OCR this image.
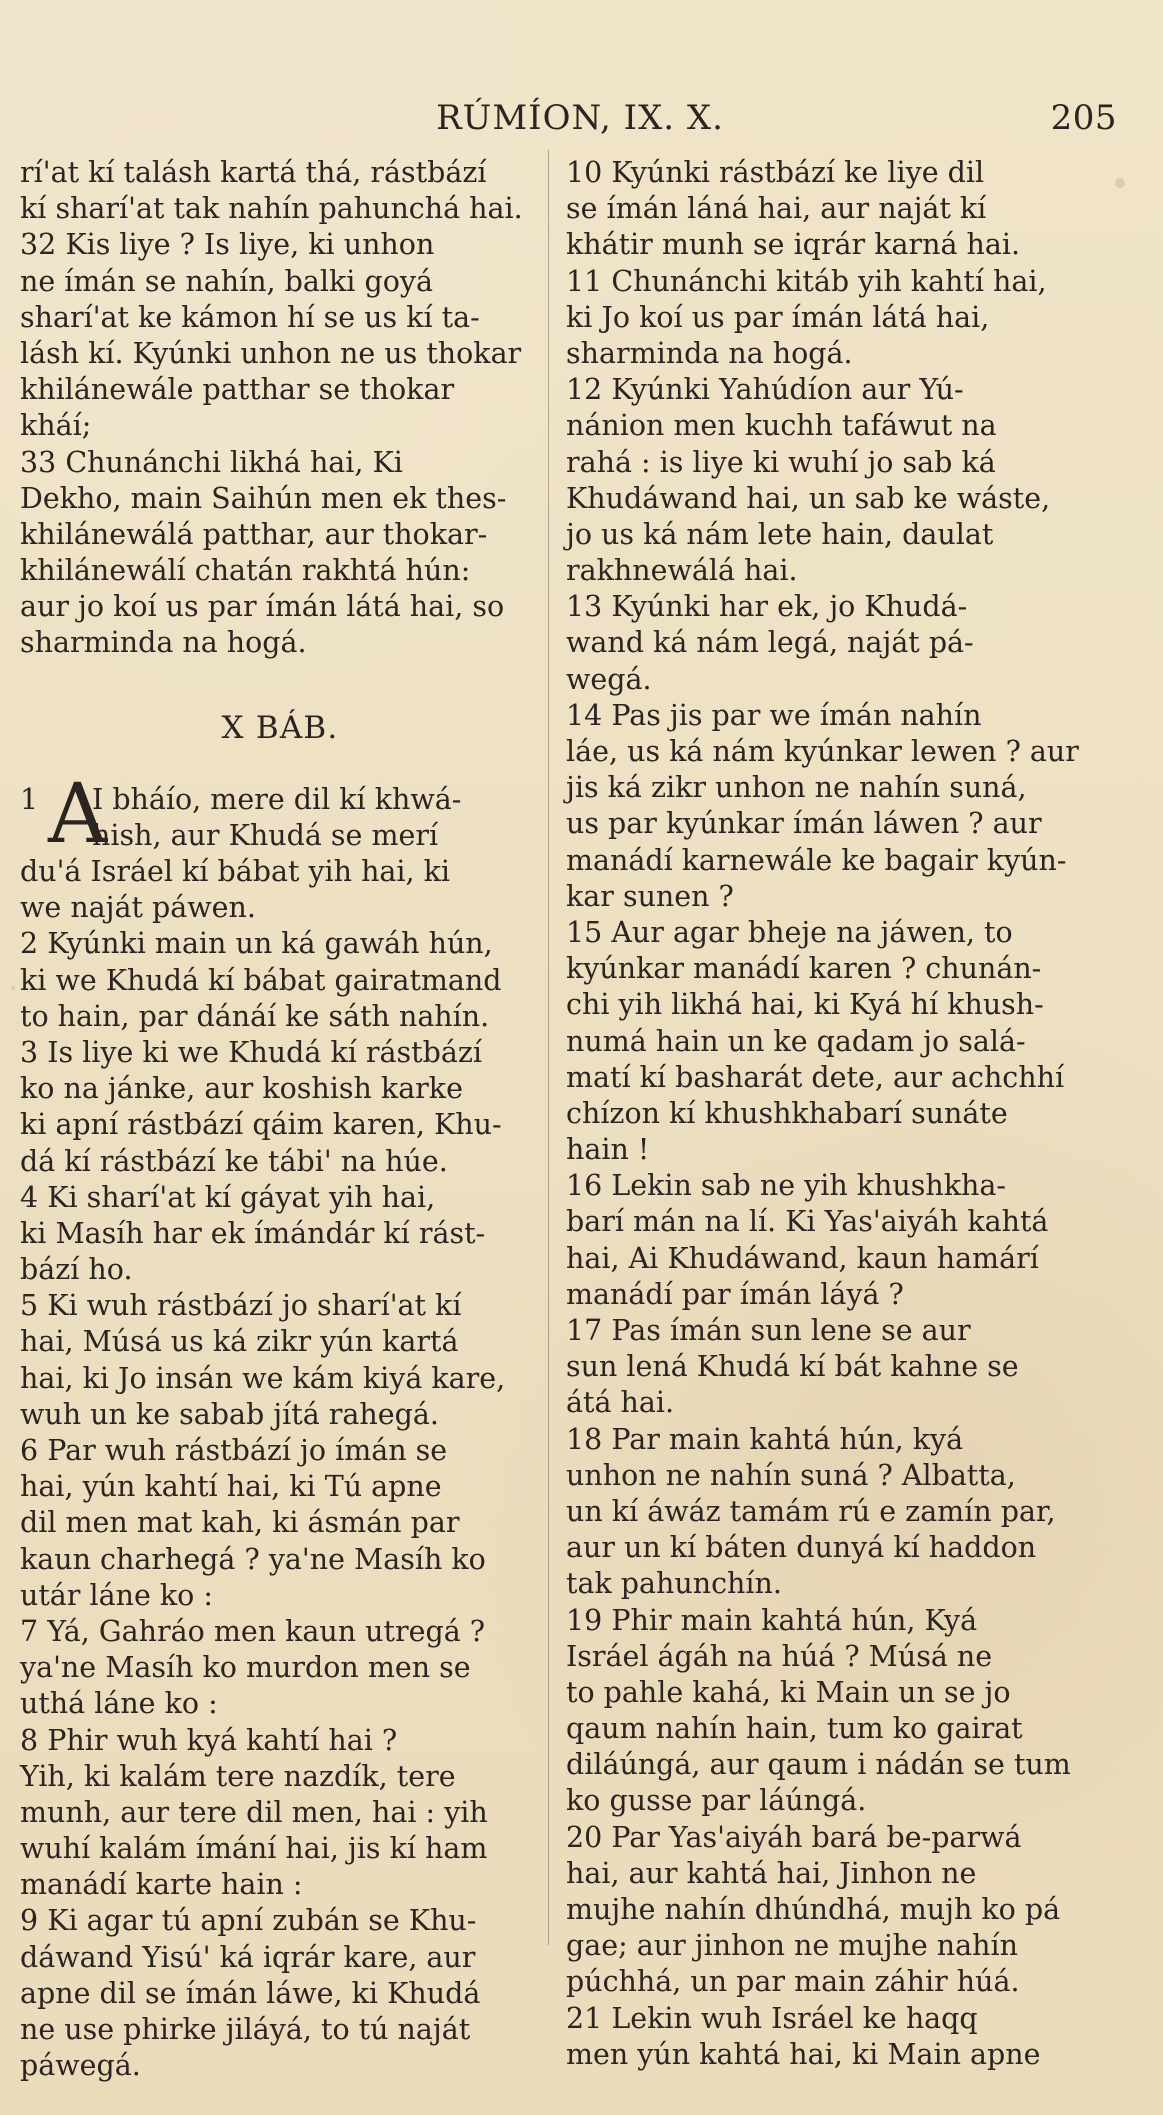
RÚMÍON, IX. X.	205
rí'at kí talásh kartá thá, rástbází
kí sharí'at tak nahín pahunchá hai.
32 Kis liye ? Is liye, ki unhon
ne ímán se nahín, balki goyá
sharí'at ke kámon hí se us kí ta-
lásh kí. Kyúnki unhon ne us thokar
khilánewále patthar se thokar
kháí;
33 Chunánchi likhá hai, Ki
Dekho, main Saihún men ek thes-
khilánewálá patthar, aur thokar-
khilánewálí chatán rakhtá hún:
aur jo koí us par ímán látá hai, so
sharminda na hogá.
X BÁB.
1 A
I bháío, mere dil kí khwá-
hish, aur Khudá se merí
du'á Isráel kí bábat yih hai, ki
we naját páwen.
2 Kyúnki main un ká gawáh hún,
ki we Khudá kí bábat gairatmand
to hain, par dánáí ke sáth nahín.
3 Is liye ki we Khudá kí rástbází
ko na jánke, aur koshish karke
ki apní rástbází qáim karen, Khu-
dá kí rástbází ke tábi' na húe.
4 Ki sharí'at kí gáyat yih hai,
ki Masíh har ek ímándár kí rást-
bází ho.
5 Ki wuh rástbází jo sharí'at kí
hai, Músá us ká zikr yún kartá
hai, ki Jo insán we kám kiyá kare,
wuh un ke sabab jítá rahegá.
6 Par wuh rástbází jo ímán se
hai, yún kahtí hai, ki Tú apne
dil men mat kah, ki ásmán par
kaun charhegá ? ya'ne Masíh ko
utár láne ko :
7 Yá, Gahráo men kaun utregá ?
ya'ne Masíh ko murdon men se
uthá láne ko :
8 Phir wuh kyá kahtí hai ?
Yih, ki kalám tere nazdík, tere
munh, aur tere dil men, hai : yih
wuhí kalám ímání hai, jis kí ham
manádí karte hain :
9 Ki agar tú apní zubán se Khu-
dáwand Yisú' ká iqrár kare, aur
apne dil se ímán láwe, ki Khudá
ne use phirke jiláyá, to tú naját
páwegá.
10 Kyúnki rástbází ke liye dil
se ímán láná hai, aur naját kí
khátir munh se iqrár karná hai.
11 Chunánchi kitáb yih kahtí hai,
ki Jo koí us par ímán látá hai,
sharminda na hogá.
12 Kyúnki Yahúdíon aur Yú-
nánion men kuchh tafáwut na
rahá : is liye ki wuhí jo sab ká
Khudáwand hai, un sab ke wáste,
jo us ká nám lete hain, daulat
rakhnewálá hai.
13 Kyúnki har ek, jo Khudá-
wand ká nám legá, naját pá-
wegá.
14 Pas jis par we ímán nahín
láe, us ká nám kyúnkar lewen ? aur
jis ká zikr unhon ne nahín suná,
us par kyúnkar ímán láwen ? aur
manádí karnewále ke bagair kyún-
kar sunen ?
15 Aur agar bheje na jáwen, to
kyúnkar manádí karen ? chunán-
chi yih likhá hai, ki Kyá hí khush-
numá hain un ke qadam jo salá-
matí kí basharát dete, aur achchhí
chízon kí khushkhabarí sunáte
hain !
16 Lekin sab ne yih khushkha-
barí mán na lí. Ki Yas'aiyáh kahtá
hai, Ai Khudáwand, kaun hamárí
manádí par ímán láyá ?
17 Pas ímán sun lene se aur
sun lená Khudá kí bát kahne se
átá hai.
18 Par main kahtá hún, kyá
unhon ne nahín suná ? Albatta,
un kí áwáz tamám rú e zamín par,
aur un kí báten dunyá kí haddon
tak pahunchín.
19 Phir main kahtá hún, Kyá
Isráel ágáh na húá ? Músá ne
to pahle kahá, ki Main un se jo
qaum nahín hain, tum ko gairat
diláúngá, aur qaum i nádán se tum
ko gusse par láúngá.
20 Par Yas'aiyáh bará be-parwá
hai, aur kahtá hai, Jinhon ne
mujhe nahín dhúndhá, mujh ko pá
gae; aur jinhon ne mujhe nahín
púchhá, un par main záhir húá.
21 Lekin wuh Isráel ke haqq
men yún kahtá hai, ki Main apne
